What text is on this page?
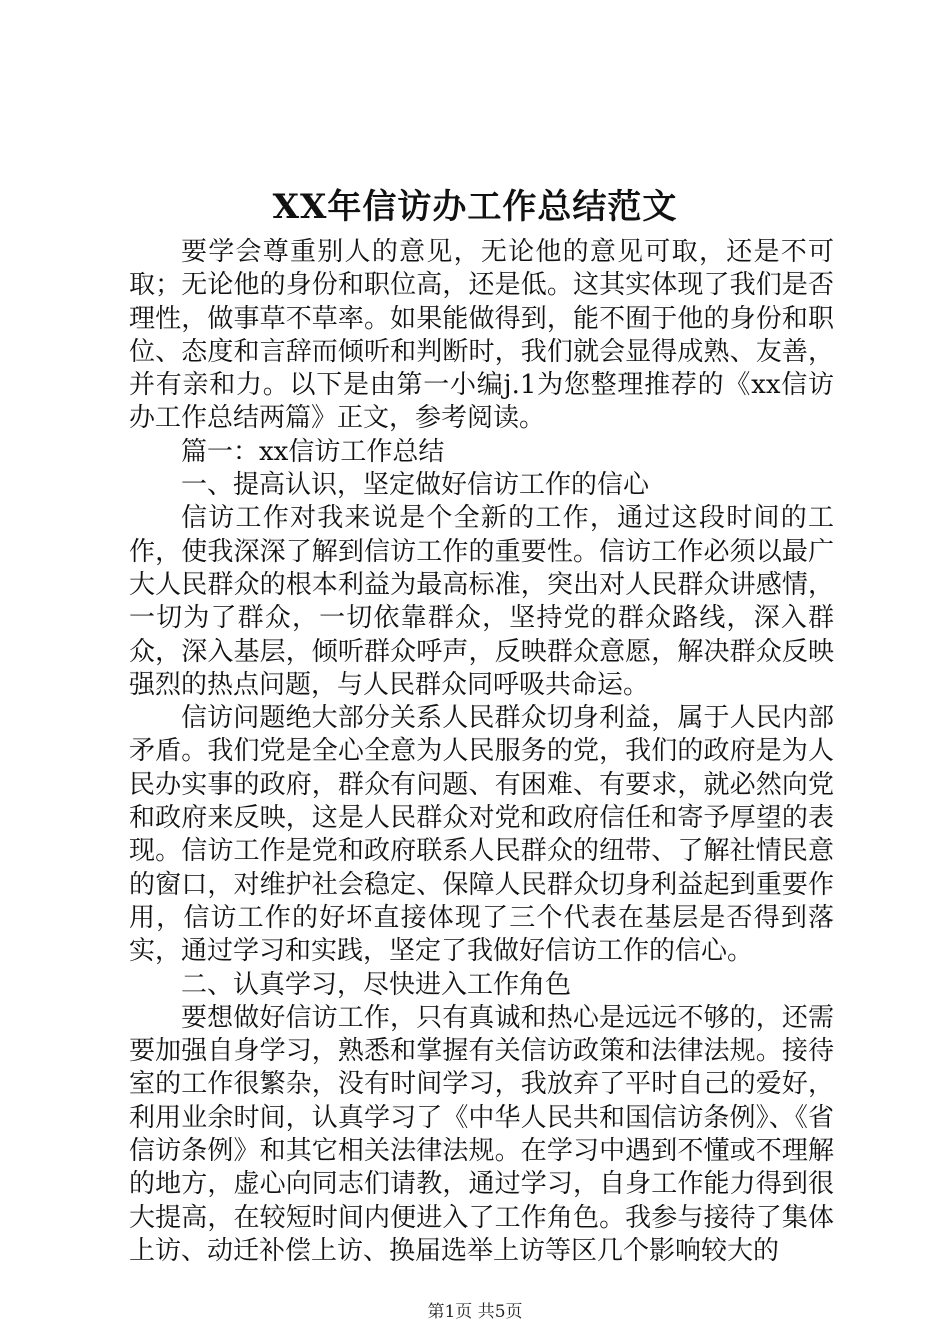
XX年信访办工作总结范文

要学会尊重别人的意见，无论他的意见可取，还是不可取；无论他的身份和职位高，还是低。这其实体现了我们是否理性，做事草不草率。如果能做得到，能不囿于他的身份和职位、态度和言辞而倾听和判断时，我们就会显得成熟、友善，并有亲和力。以下是由第一小编j.1为您整理推荐的《xx信访办工作总结两篇》正文，参考阅读。

篇一：xx信访工作总结

一、提高认识，坚定做好信访工作的信心

信访工作对我来说是个全新的工作，通过这段时间的工作，使我深深了解到信访工作的重要性。信访工作必须以最广大人民群众的根本利益为最高标准，突出对人民群众讲感情，一切为了群众，一切依靠群众，坚持党的群众路线，深入群众，深入基层，倾听群众呼声，反映群众意愿，解决群众反映强烈的热点问题，与人民群众同呼吸共命运。

信访问题绝大部分关系人民群众切身利益，属于人民内部矛盾。我们党是全心全意为人民服务的党，我们的政府是为人民办实事的政府，群众有问题、有困难、有要求，就必然向党和政府来反映，这是人民群众对党和政府信任和寄予厚望的表现。信访工作是党和政府联系人民群众的纽带、了解社情民意的窗口，对维护社会稳定、保障人民群众切身利益起到重要作用，信访工作的好坏直接体现了三个代表在基层是否得到落实，通过学习和实践，坚定了我做好信访工作的信心。

二、认真学习，尽快进入工作角色

要想做好信访工作，只有真诚和热心是远远不够的，还需要加强自身学习，熟悉和掌握有关信访政策和法律法规。接待室的工作很繁杂，没有时间学习，我放弃了平时自己的爱好，利用业余时间，认真学习了《中华人民共和国信访条例》、《省信访条例》和其它相关法律法规。在学习中遇到不懂或不理解的地方，虚心向同志们请教，通过学习，自身工作能力得到很大提高，在较短时间内便进入了工作角色。我参与接待了集体上访、动迁补偿上访、换届选举上访等区几个影响较大的

第1页 共5页
